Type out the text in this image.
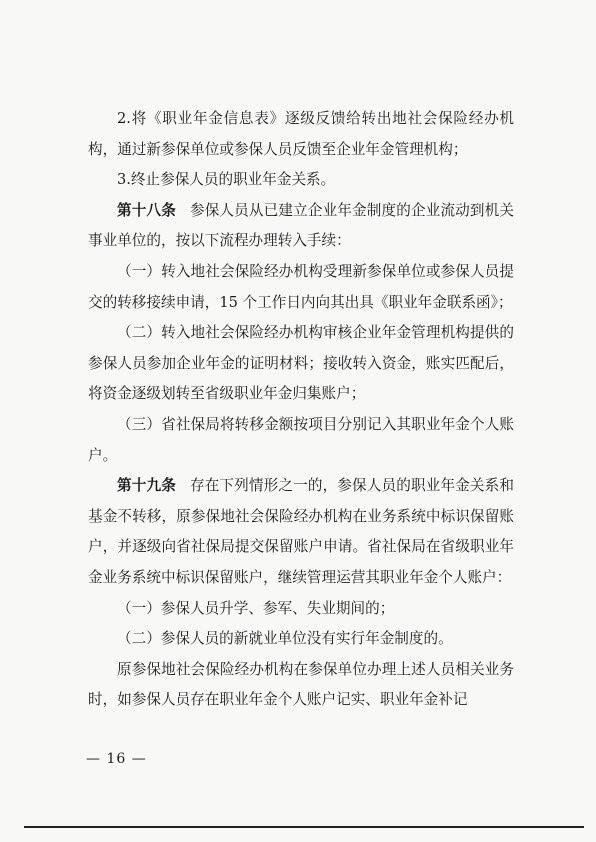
2.将《职业年金信息表》逐级反馈给转出地社会保险经办机构，通过新参保单位或参保人员反馈至企业年金管理机构；

3.终止参保人员的职业年金关系。

第十八条 参保人员从已建立企业年金制度的企业流动到机关事业单位的，按以下流程办理转入手续：

（一）转入地社会保险经办机构受理新参保单位或参保人员提交的转移接续申请，15 个工作日内向其出具《职业年金联系函》；

（二）转入地社会保险经办机构审核企业年金管理机构提供的参保人员参加企业年金的证明材料；接收转入资金，账实匹配后，将资金逐级划转至省级职业年金归集账户；

（三）省社保局将转移金额按项目分别记入其职业年金个人账户。

第十九条 存在下列情形之一的，参保人员的职业年金关系和基金不转移，原参保地社会保险经办机构在业务系统中标识保留账户，并逐级向省社保局提交保留账户申请。省社保局在省级职业年金业务系统中标识保留账户，继续管理运营其职业年金个人账户：

（一）参保人员升学、参军、失业期间的；

（二）参保人员的新就业单位没有实行年金制度的。

原参保地社会保险经办机构在参保单位办理上述人员相关业务时，如参保人员存在职业年金个人账户记实、职业年金补记

— 16 —
